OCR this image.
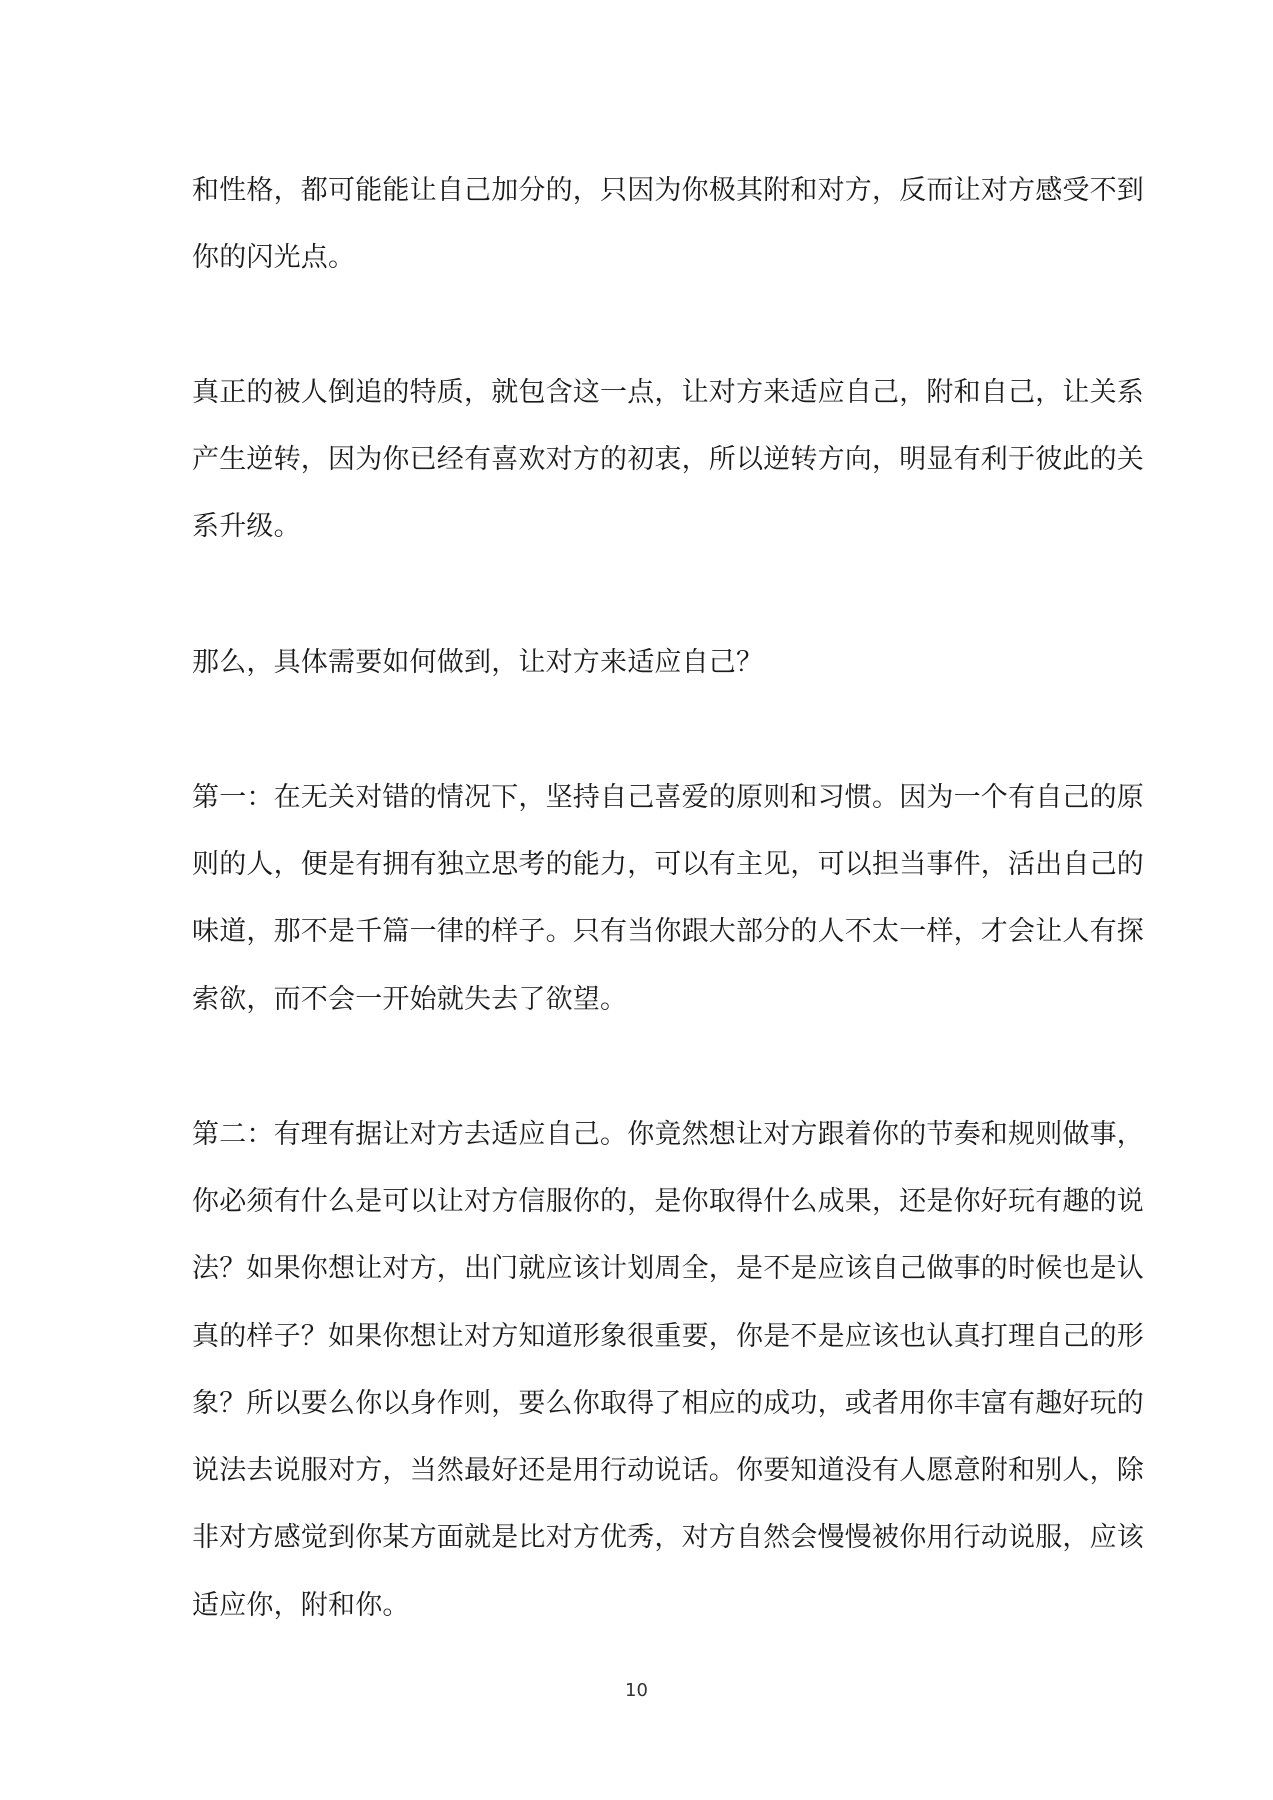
和性格，都可能能让自己加分的，只因为你极其附和对方，反而让对方感受不到
你的闪光点。
真正的被人倒追的特质，就包含这一点，让对方来适应自己，附和自己，让关系
产生逆转，因为你已经有喜欢对方的初衷，所以逆转方向，明显有利于彼此的关
系升级。
那么，具体需要如何做到，让对方来适应自己？
第一：在无关对错的情况下，坚持自己喜爱的原则和习惯。因为一个有自己的原
则的人，便是有拥有独立思考的能力，可以有主见，可以担当事件，活出自己的
味道，那不是千篇一律的样子。只有当你跟大部分的人不太一样，才会让人有探
索欲，而不会一开始就失去了欲望。
第二：有理有据让对方去适应自己。你竟然想让对方跟着你的节奏和规则做事，
你必须有什么是可以让对方信服你的，是你取得什么成果，还是你好玩有趣的说
法？如果你想让对方，出门就应该计划周全，是不是应该自己做事的时候也是认
真的样子？如果你想让对方知道形象很重要，你是不是应该也认真打理自己的形
象？所以要么你以身作则，要么你取得了相应的成功，或者用你丰富有趣好玩的
说法去说服对方，当然最好还是用行动说话。你要知道没有人愿意附和别人，除
非对方感觉到你某方面就是比对方优秀，对方自然会慢慢被你用行动说服，应该
适应你，附和你。
10
